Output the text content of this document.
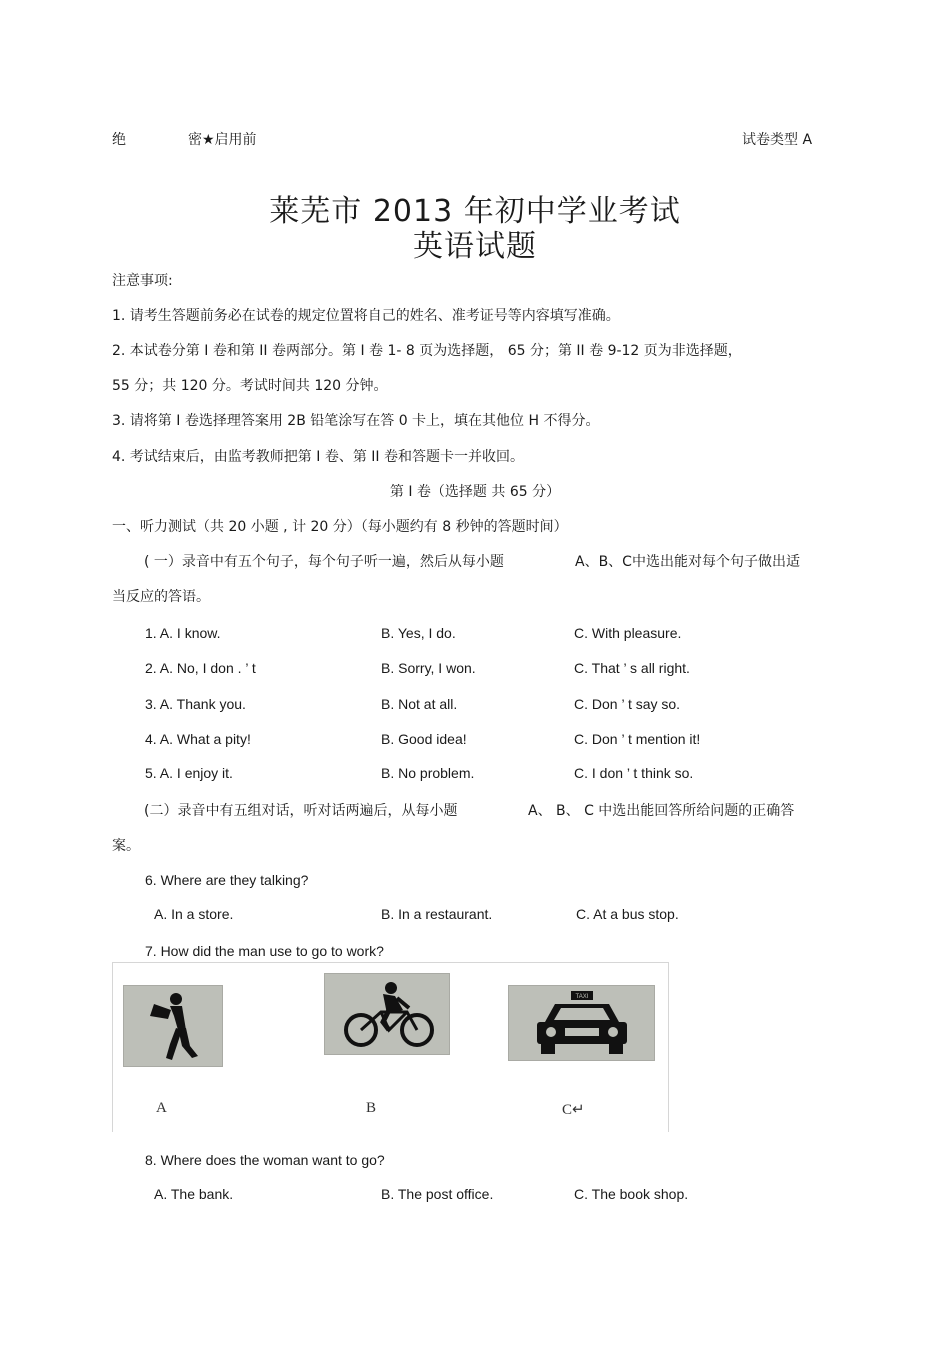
绝	密★启用前	试卷类型 A
莱芜市 2013 年初中学业考试
英语试题
注意事项:
1. 请考生答题前务必在试卷的规定位置将自己的姓名、准考证号等内容填写准确。
2. 本试卷分第 I 卷和第 II 卷两部分。第 I 卷 1- 8 页为选择题， 65 分；第 II 卷 9-12 页为非选择题，
55 分；共 120 分。考试时间共 120 分钟。
3. 请将第 I 卷选择理答案用 2B 铅笔涂写在答 0 卡上，填在其他位 H 不得分。
4. 考试结束后，由监考教师把第 I 卷、第 II 卷和答题卡一并收回。
第 I 卷（选择题 共 65 分）
一、听力测试（共 20 小题 , 计 20 分）（每小题约有 8 秒钟的答题时间）
( 一）录音中有五个句子，每个句子听一遍，然后从每小题	A、B、C中选出能对每个句子做出适
当反应的答语。
1. A. I know.	B. Yes, I do.	C. With pleasure.
2. A. No, I don . ’ t	B. Sorry, I won.	C. That ’ s all right.
3. A. Thank you.	B. Not at all.	C. Don ’ t say so.
4. A. What a pity!	B. Good idea!	C. Don ’ t mention it!
5. A. I enjoy it.	B. No problem.	C. I don ’ t think so.
(二）录音中有五组对话，听对话两遍后，从每小题	A、 B、 C 中选出能回答所给问题的正确答
案。
6. Where are they talking?
A. In a store.	B. In a restaurant.	C. At a bus stop.
7. How did the man use to go to work?
TAXI
A	B	C↵
8. Where does the woman want to go?
A. The bank.	B. The post office.	C. The book shop.
